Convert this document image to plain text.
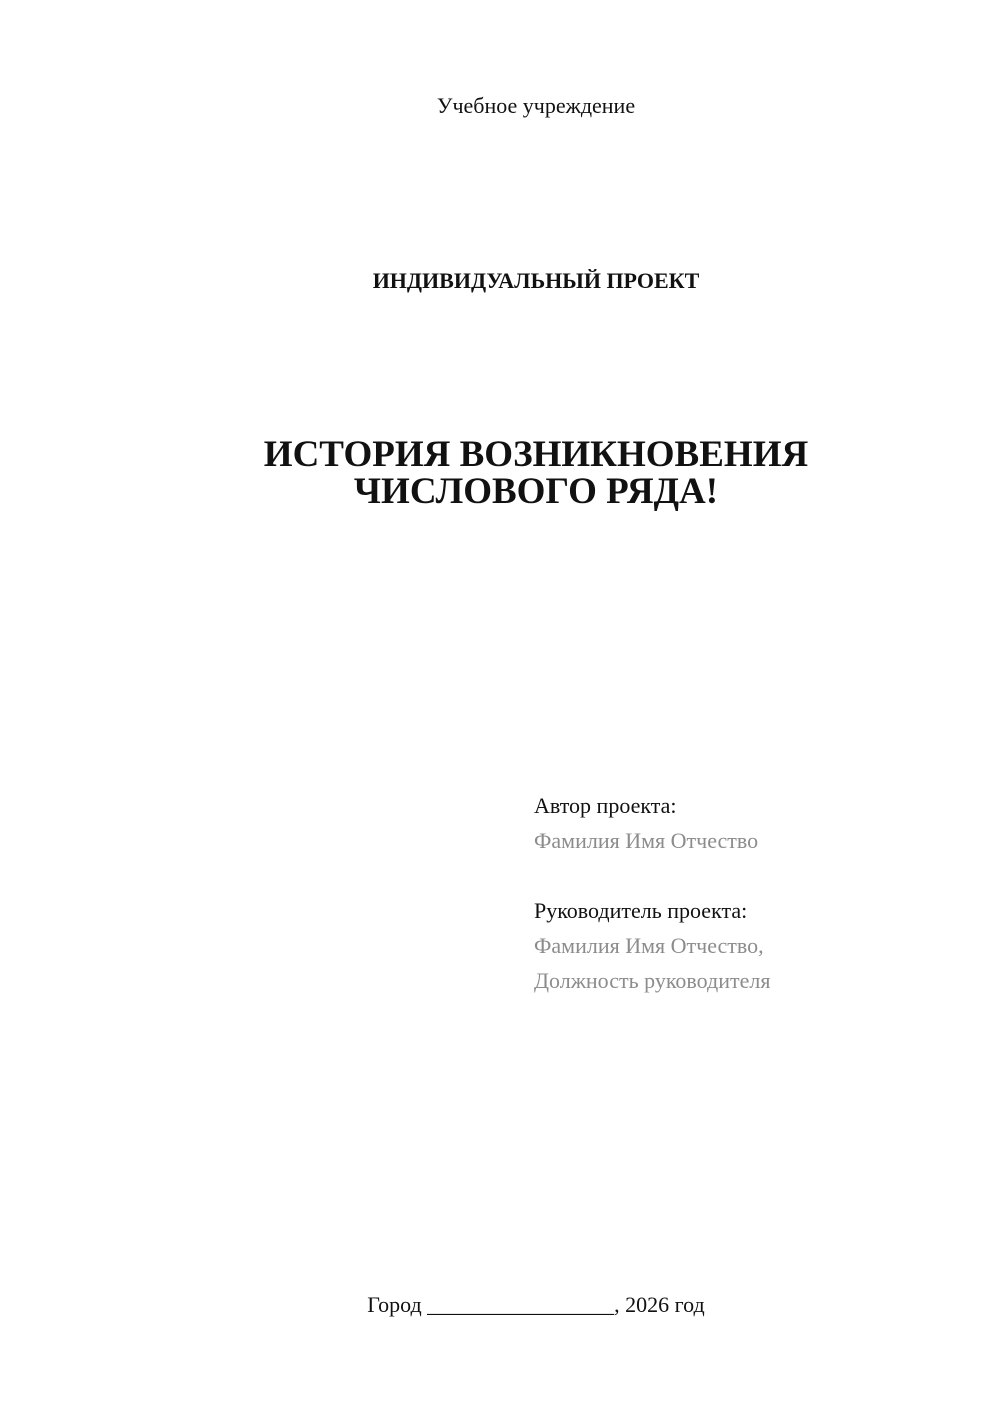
Учебное учреждение
ИНДИВИДУАЛЬНЫЙ ПРОЕКТ
ИСТОРИЯ ВОЗНИКНОВЕНИЯ
ЧИСЛОВОГО РЯДА!
Автор проекта:
Фамилия Имя Отчество
Руководитель проекта:
Фамилия Имя Отчество,
Должность руководителя
Город _________________, 2026 год
